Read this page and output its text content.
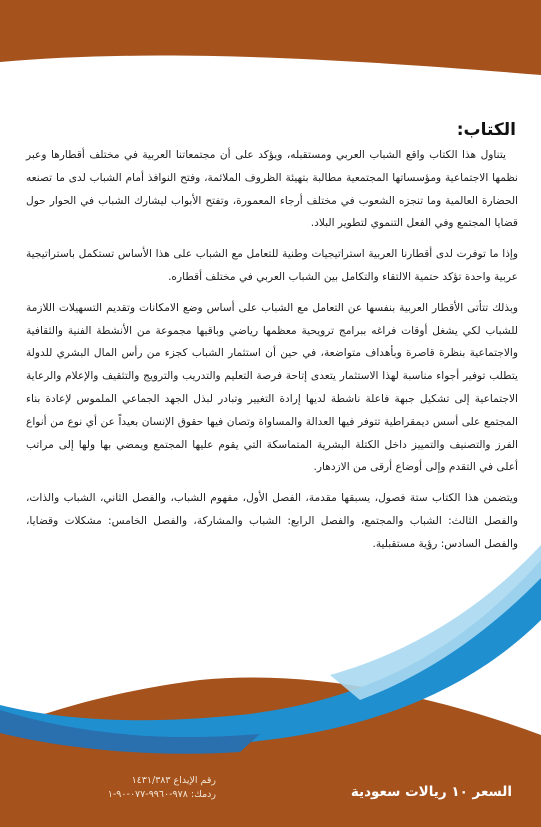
الكتاب:

يتناول هذا الكتاب واقع الشباب العربي ومستقبله، ويؤكد على أن مجتمعاتنا العربية في مختلف أقطارها وعبر نظمها الاجتماعية ومؤسساتها المجتمعية مطالبة بتهيئة الظروف الملائمة، وفتح النوافذ أمام الشباب لدى ما تصنعه الحضارة العالمية وما تنجزه الشعوب في مختلف أرجاء المعمورة، وتفتح الأبواب ليشارك الشباب في الحوار حول قضايا المجتمع وفي الفعل التنموي لتطوير البلاد.

وإذا ما توفرت لدى أقطارنا العربية استراتيجيات وطنية للتعامل مع الشباب على هذا الأساس تستكمل باستراتيجية عربية واحدة تؤكد حتمية الالتقاء والتكامل بين الشباب العربي في مختلف أقطاره.

وبذلك تتأتى الأقطار العربية بنفسها عن التعامل مع الشباب على أساس وضع الامكانات وتقديم التسهيلات اللازمة للشباب لكي يشغل أوقات فراغه ببرامج ترويحية معظمها رياضي وباقيها مجموعة من الأنشطة الفنية والثقافية والاجتماعية بنظرة قاصرة وبأهداف متواضعة، في حين أن استثمار الشباب كجزء من رأس المال البشري للدولة يتطلب توفير أجواء مناسبة لهذا الاستثمار يتعدى إتاحة فرصة التعليم والتدريب والترويج والتثقيف والإعلام والرعاية الاجتماعية إلى تشكيل جبهة فاعلة ناشطة لديها إرادة التغيير وتبادر لبذل الجهد الجماعي الملموس لإعادة بناء المجتمع على أسس ديمقراطية تتوفر فيها العدالة والمساواة وتصان فيها حقوق الإنسان بعيداً عن أي نوع من أنواع الفرز والتصنيف والتمييز داخل الكتلة البشرية المتماسكة التي يقوم عليها المجتمع ويمضي بها ولها إلى مراتب أعلى في التقدم وإلى أوضاع أرقى من الازدهار.

ويتضمن هذا الكتاب ستة فصول، يسبقها مقدمة، الفصل الأول، مفهوم الشباب، والفصل الثاني، الشباب والذات، والفصل الثالث: الشباب والمجتمع، والفصل الرابع: الشباب والمشاركة، والفصل الخامس: مشكلات وقضايا، والفصل السادس: رؤية مستقبلية.

رقم الإيداع ١٤٣١/٣٨٣
ردمك: ٩٧٨-٩٩٦٠-٠٧٧-٩٠-١	السعر ١٠ ريالات سعودية
